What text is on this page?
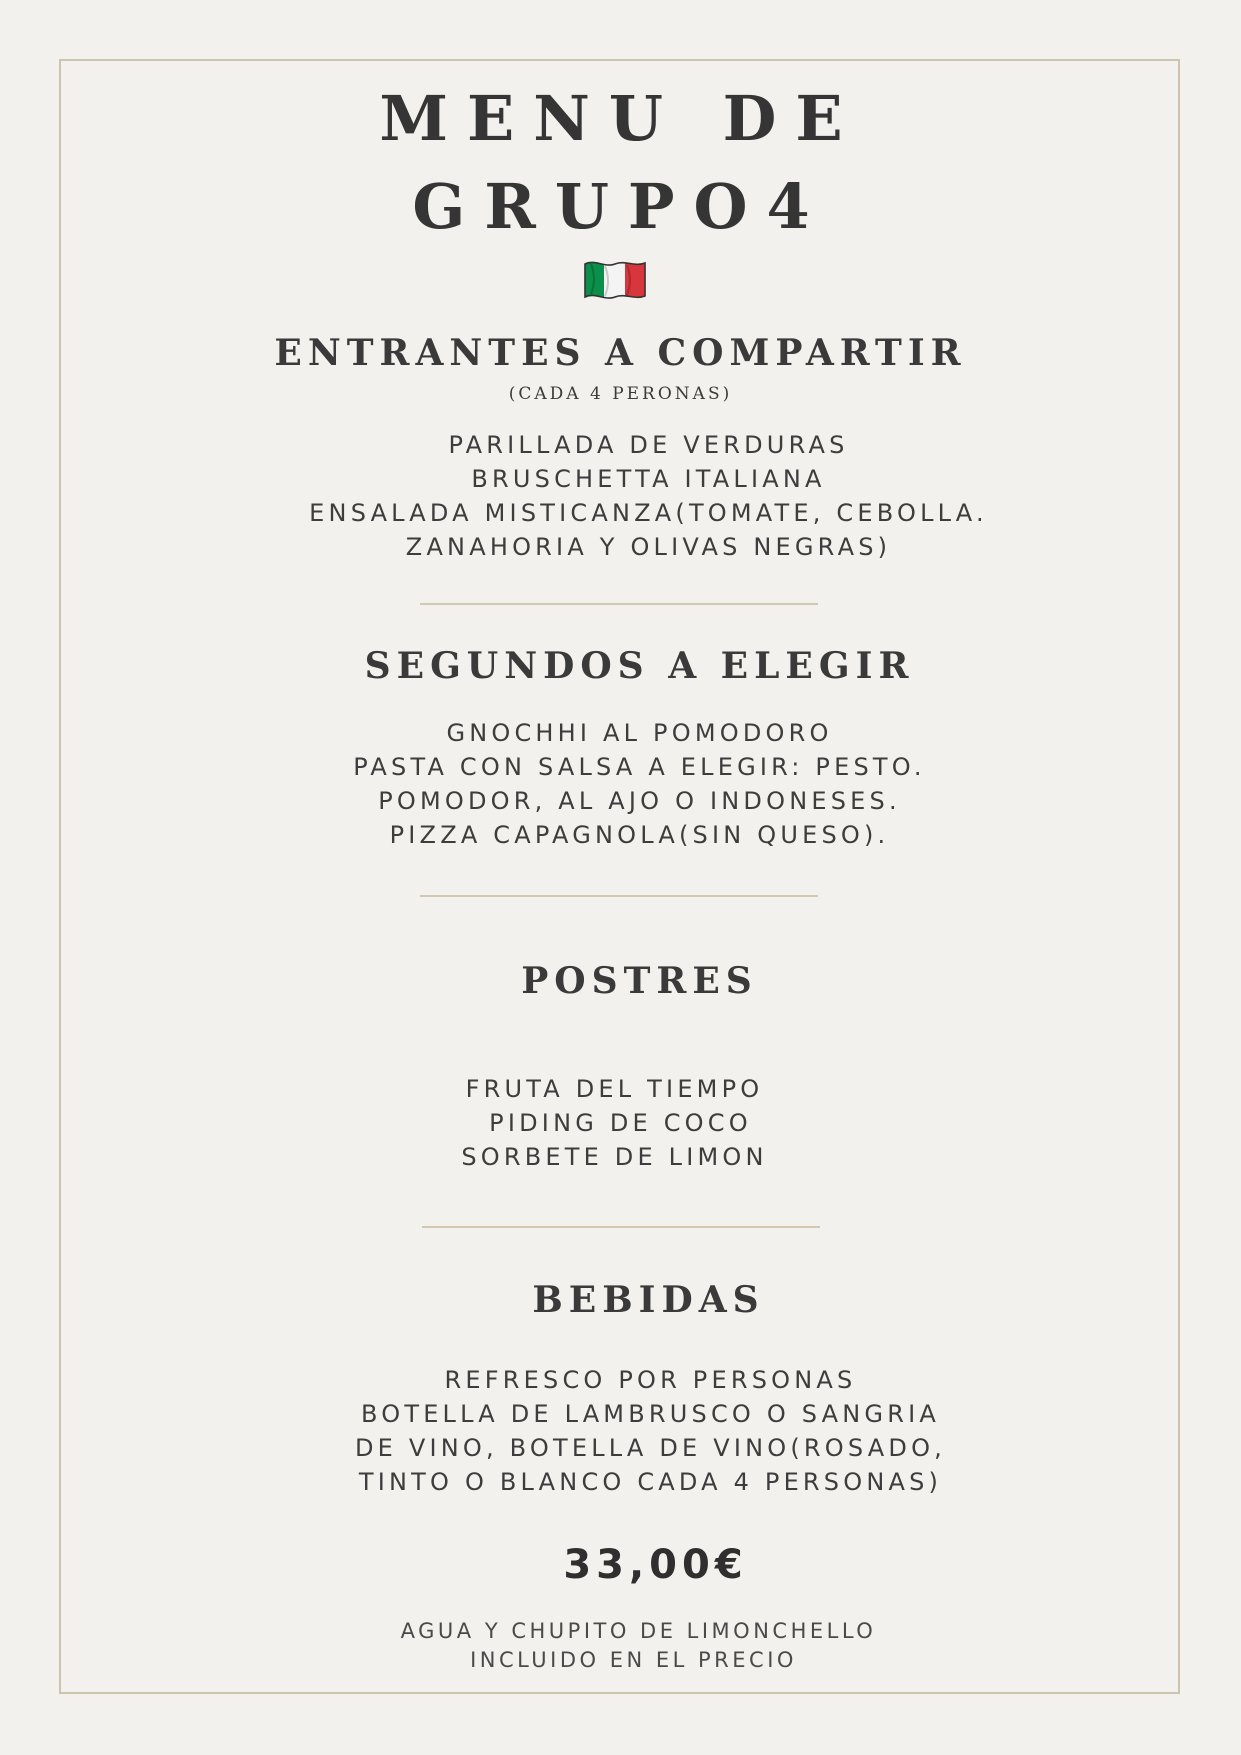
MENU DE
GRUPO4
ENTRANTES A COMPARTIR
(CADA 4 PERONAS)
PARILLADA DE VERDURAS
BRUSCHETTA ITALIANA
ENSALADA MISTICANZA(TOMATE, CEBOLLA.
ZANAHORIA Y OLIVAS NEGRAS)
SEGUNDOS A ELEGIR
GNOCHHI AL POMODORO
PASTA CON SALSA A ELEGIR: PESTO.
POMODOR, AL AJO O INDONESES.
PIZZA CAPAGNOLA(SIN QUESO).
POSTRES
FRUTA DEL TIEMPO
PIDING DE COCO
SORBETE DE LIMON
BEBIDAS
REFRESCO POR PERSONAS
BOTELLA DE LAMBRUSCO O SANGRIA
DE VINO, BOTELLA DE VINO(ROSADO,
TINTO O BLANCO CADA 4 PERSONAS)
33,00€
AGUA Y CHUPITO DE LIMONCHELLO
INCLUIDO EN EL PRECIO
